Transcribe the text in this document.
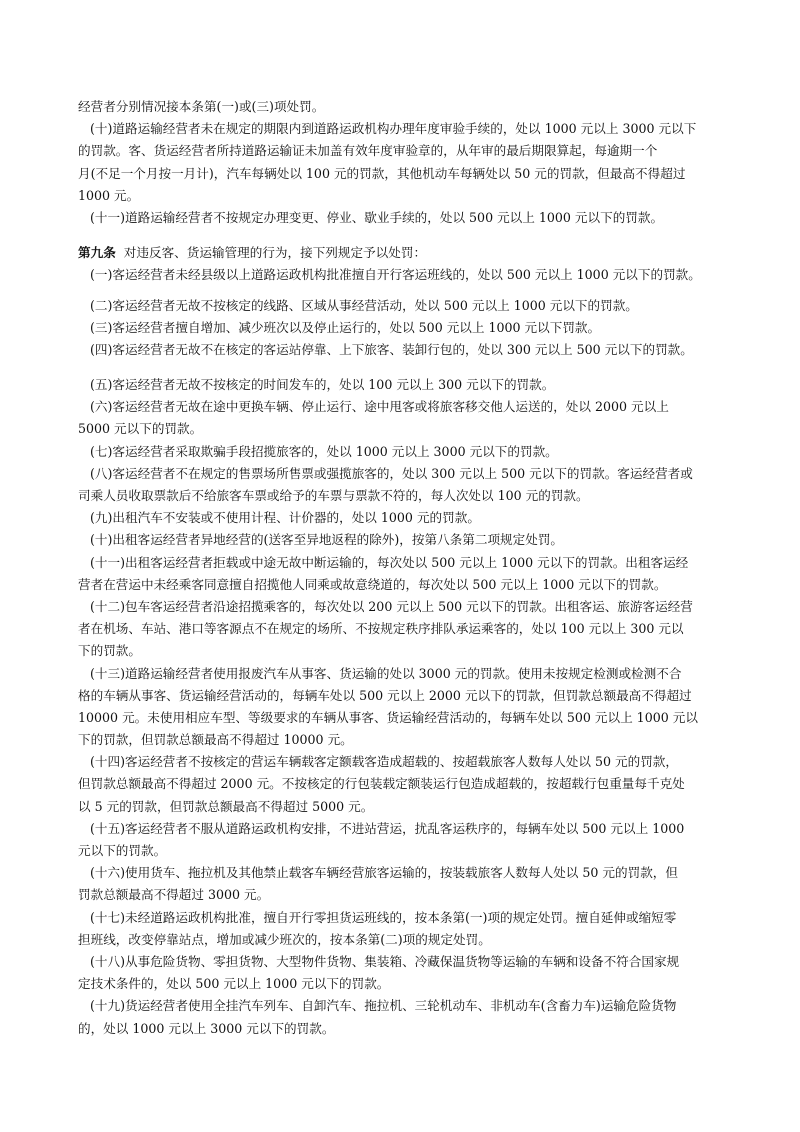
经营者分别情况接本条第(一)或(三)项处罚。
(十)道路运输经营者未在规定的期限内到道路运政机构办理年度审验手续的，处以 1000 元以上 3000 元以下
的罚款。客、货运经营者所持道路运输证未加盖有效年度审验章的，从年审的最后期限算起，每逾期一个
月(不足一个月按一月计)，汽车每辆处以 100 元的罚款，其他机动车每辆处以 50 元的罚款，但最高不得超过
1000 元。
(十一)道路运输经营者不按规定办理变更、停业、歇业手续的，处以 500 元以上 1000 元以下的罚款。
第九条 对违反客、货运输管理的行为，接下列规定予以处罚：
(一)客运经营者未经县级以上道路运政机构批准擅自开行客运班线的，处以 500 元以上 1000 元以下的罚款。
(二)客运经营者无故不按核定的线路、区域从事经营活动，处以 500 元以上 1000 元以下的罚款。
(三)客运经营者擅自增加、减少班次以及停止运行的，处以 500 元以上 1000 元以下罚款。
(四)客运经营者无故不在核定的客运站停靠、上下旅客、装卸行包的，处以 300 元以上 500 元以下的罚款。
(五)客运经营者无故不按核定的时间发车的，处以 100 元以上 300 元以下的罚款。
(六)客运经营者无故在途中更换车辆、停止运行、途中甩客或将旅客移交他人运送的，处以 2000 元以上
5000 元以下的罚款。
(七)客运经营者采取欺骗手段招揽旅客的，处以 1000 元以上 3000 元以下的罚款。
(八)客运经营者不在规定的售票场所售票或强揽旅客的，处以 300 元以上 500 元以下的罚款。客运经营者或
司乘人员收取票款后不给旅客车票或给予的车票与票款不符的，每人次处以 100 元的罚款。
(九)出租汽车不安装或不使用计程、计价器的，处以 1000 元的罚款。
(十)出租客运经营者异地经营的(送客至异地返程的除外)，按第八条第二项规定处罚。
(十一)出租客运经营者拒载或中途无故中断运输的，每次处以 500 元以上 1000 元以下的罚款。出租客运经
营者在营运中未经乘客同意擅自招揽他人同乘或故意绕道的，每次处以 500 元以上 1000 元以下的罚款。
(十二)包车客运经营者沿途招揽乘客的，每次处以 200 元以上 500 元以下的罚款。出租客运、旅游客运经营
者在机场、车站、港口等客源点不在规定的场所、不按规定秩序排队承运乘客的，处以 100 元以上 300 元以
下的罚款。
(十三)道路运输经营者使用报废汽车从事客、货运输的处以 3000 元的罚款。使用未按规定检测或检测不合
格的车辆从事客、货运输经营活动的，每辆车处以 500 元以上 2000 元以下的罚款，但罚款总额最高不得超过
10000 元。未使用相应车型、等级要求的车辆从事客、货运输经营活动的，每辆车处以 500 元以上 1000 元以
下的罚款，但罚款总额最高不得超过 10000 元。
(十四)客运经营者不按核定的营运车辆载客定额载客造成超载的、按超载旅客人数每人处以 50 元的罚款，
但罚款总额最高不得超过 2000 元。不按核定的行包装载定额装运行包造成超载的，按超载行包重量每千克处
以 5 元的罚款，但罚款总额最高不得超过 5000 元。
(十五)客运经营者不服从道路运政机构安排，不进站营运，扰乱客运秩序的，每辆车处以 500 元以上 1000
元以下的罚款。
(十六)使用货车、拖拉机及其他禁止载客车辆经营旅客运输的，按装载旅客人数每人处以 50 元的罚款，但
罚款总额最高不得超过 3000 元。
(十七)未经道路运政机构批准，擅自开行零担货运班线的，按本条第(一)项的规定处罚。擅自延伸或缩短零
担班线，改变停靠站点，增加或减少班次的，按本条第(二)项的规定处罚。
(十八)从事危险货物、零担货物、大型物件货物、集装箱、冷藏保温货物等运输的车辆和设备不符合国家规
定技术条件的，处以 500 元以上 1000 元以下的罚款。
(十九)货运经营者使用全挂汽车列车、自卸汽车、拖拉机、三轮机动车、非机动车(含畜力车)运输危险货物
的，处以 1000 元以上 3000 元以下的罚款。
